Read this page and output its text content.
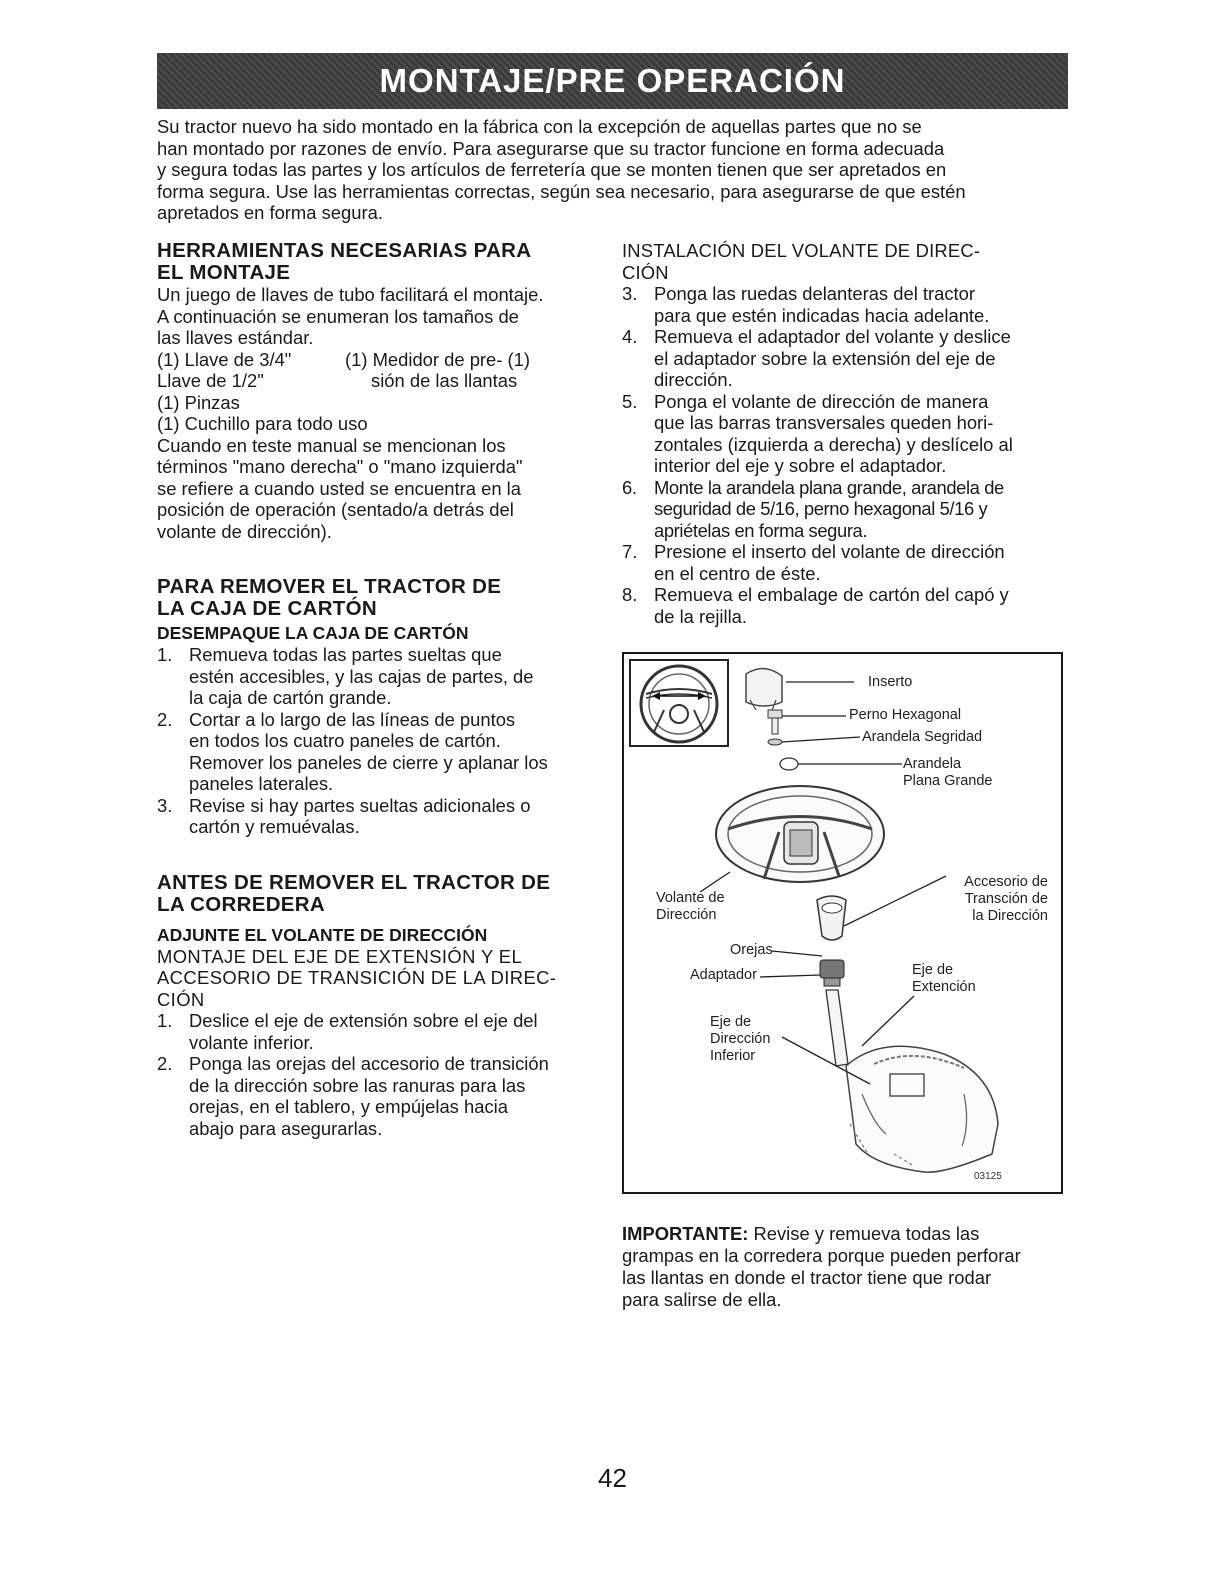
MONTAJE/PRE OPERACIÓN

Su tractor nuevo ha sido montado en la fábrica con la excepción de aquellas partes que no se
han montado por razones de envío. Para asegurarse que su tractor funcione en forma adecuada
y segura todas las partes y los artículos de ferretería que se monten tienen que ser apretados en
forma segura. Use las herramientas correctas, según sea necesario, para asegurarse de que estén
apretados en forma segura.

HERRAMIENTAS NECESARIAS PARA
EL MONTAJE

Un juego de llaves de tubo facilitará el montaje.
A continuación se enumeran los tamaños de
las llaves estándar.

(1) Llave de 3/4"	(1) Medidor de pre- (1)
Llave de 1/2"	sión de las llantas

(1) Pinzas
(1) Cuchillo para todo uso

Cuando en teste manual se mencionan los
términos "mano derecha" o "mano izquierda"
se refiere a cuando usted se encuentra en la
posición de operación (sentado/a detrás del
volante de dirección).

PARA REMOVER EL TRACTOR DE
LA CAJA DE CARTÓN
DESEMPAQUE LA CAJA DE CARTÓN
1. Remueva todas las partes sueltas que
estén accesibles, y las cajas de partes, de
la caja de cartón grande.
2. Cortar a lo largo de las líneas de puntos
en todos los cuatro paneles de cartón.
Remover los paneles de cierre y aplanar los
paneles laterales.
3. Revise si hay partes sueltas adicionales o
cartón y remuévalas.
ANTES DE REMOVER EL TRACTOR DE
LA CORREDERA
ADJUNTE EL VOLANTE DE DIRECCIÓN

MONTAJE DEL EJE DE EXTENSIÓN Y EL
ACCESORIO DE TRANSICIÓN DE LA DIREC-
CIÓN

1. Deslice el eje de extensión sobre el eje del
volante inferior.
2. Ponga las orejas del accesorio de transición
de la dirección sobre las ranuras para las
orejas, en el tablero, y empújelas hacia
abajo para asegurarlas.

INSTALACIÓN DEL VOLANTE DE DIREC-
CIÓN

3. Ponga las ruedas delanteras del tractor
para que estén indicadas hacia adelante.
4. Remueva el adaptador del volante y deslice
el adaptador sobre la extensión del eje de
dirección.
5. Ponga el volante de dirección de manera
que las barras transversales queden hori-
zontales (izquierda a derecha) y deslícelo al
interior del eje y sobre el adaptador.
6. Monte la arandela plana grande, arandela de
seguridad de 5/16, perno hexagonal 5/16 y
apriételas en forma segura.
7. Presione el inserto del volante de dirección
en el centro de éste.
8. Remueva el embalage de cartón del capó y
de la rejilla.
Inserto
Perno Hexagonal
Arandela Segridad
Arandela
Plana Grande
Accesorio de
Transción de
la Dirección
Volante de
Dirección
Orejas
Adaptador	Eje de
Extención
Eje de
Dirección
Inferior
03125

IMPORTANTE: Revise y remueva todas las
grampas en la corredera porque pueden perforar
las llantas en donde el tractor tiene que rodar
para salirse de ella.

42
